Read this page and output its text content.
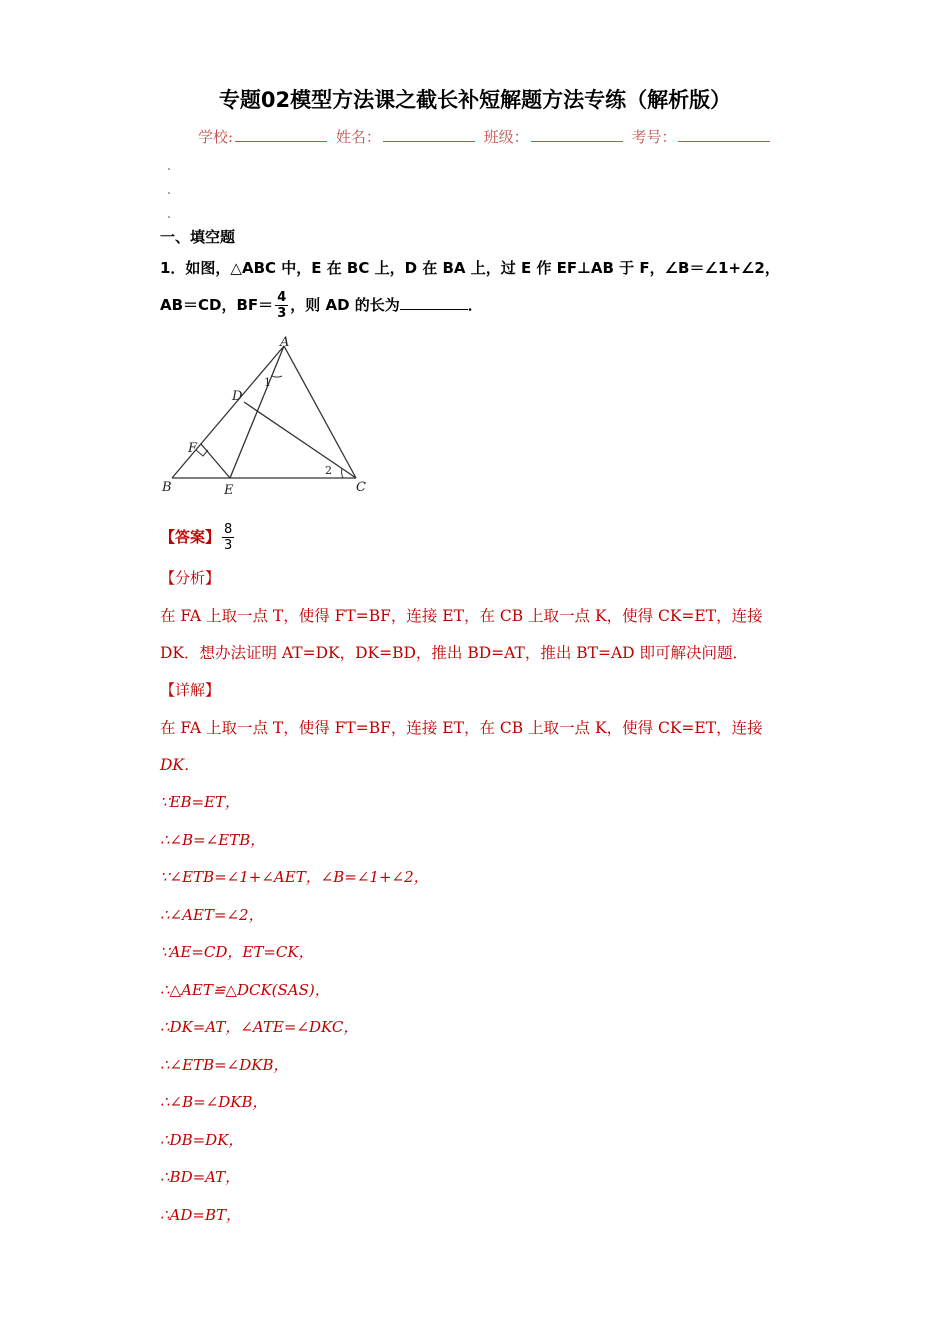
专题02模型方法课之截长补短解题方法专练（解析版）
学校:	姓名：	班级：	考号：
一、填空题
1．如图，△ABC 中，E 在 BC 上，D 在 BA 上，过 E 作 EF⊥AB 于 F，∠B＝∠1+∠2，
AB＝CD，$BF= \frac{4}{3}$ ，则 AD 的长为	．
A
B	C
D
E
F
1
2
【答案】 $\frac{8}{3}$
【分析】
在 FA 上取一点 T，使得 FT=BF，连接 ET，在 CB 上取一点 K，使得 CK=ET，连接
DK．想办法证明 AT=DK，DK=BD，推出 BD=AT，推出 BT=AD 即可解决问题．
【详解】
在 FA 上取一点 T，使得 FT=BF，连接 ET，在 CB 上取一点 K，使得 CK=ET，连接
DK．
∵EB=ET，
∴∠B=∠ETB，
∵∠ETB=∠1+∠AET，∠B=∠1+∠2，
∴∠AET=∠2，
∵AE=CD，ET=CK，
∴△AET≌△DCK(SAS)，
∴DK=AT，∠ATE=∠DKC，
∴∠ETB=∠DKB，
∴∠B=∠DKB，
∴DB=DK，
∴BD=AT，
∴AD=BT，
